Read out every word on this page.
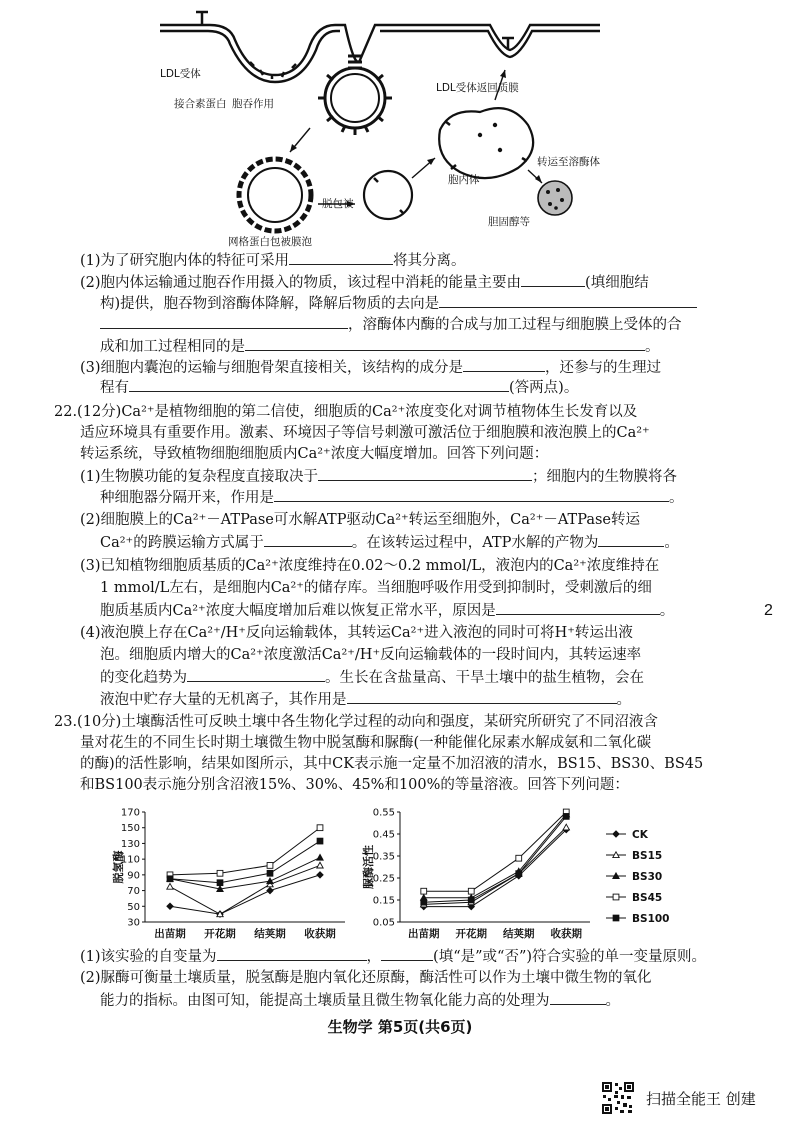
LDL受体
接合素蛋白 胞吞作用
LDL受体返回质膜
胞内体
脱包被
转运至溶酶体
胆固醇等
网格蛋白包被膜泡
(1)为了研究胞内体的特征可采用	将其分离。
(2)胞内体运输通过胞吞作用摄入的物质，该过程中消耗的能量主要由	(填细胞结
构)提供，胞吞物到溶酶体降解，降解后物质的去向是
，溶酶体内酶的合成与加工过程与细胞膜上受体的合
成和加工过程相同的是	。
(3)细胞内囊泡的运输与细胞骨架直接相关，该结构的成分是	，还参与的生理过
程有	(答两点)。
22.(12分)Ca²⁺是植物细胞的第二信使，细胞质的Ca²⁺浓度变化对调节植物体生长发育以及
适应环境具有重要作用。激素、环境因子等信号刺激可激活位于细胞膜和液泡膜上的Ca²⁺
转运系统，导致植物细胞细胞质内Ca²⁺浓度大幅度增加。回答下列问题：
(1)生物膜功能的复杂程度直接取决于	；细胞内的生物膜将各
种细胞器分隔开来，作用是	。
(2)细胞膜上的Ca²⁺－ATPase可水解ATP驱动Ca²⁺转运至细胞外，Ca²⁺－ATPase转运
Ca²⁺的跨膜运输方式属于	。在该转运过程中，ATP水解的产物为	。
(3)已知植物细胞质基质的Ca²⁺浓度维持在0.02～0.2 mmol/L，液泡内的Ca²⁺浓度维持在
1 mmol/L左右，是细胞内Ca²⁺的储存库。当细胞呼吸作用受到抑制时，受刺激后的细
胞质基质内Ca²⁺浓度大幅度增加后难以恢复正常水平，原因是	。
(4)液泡膜上存在Ca²⁺/H⁺反向运输载体，其转运Ca²⁺进入液泡的同时可将H⁺转运出液
泡。细胞质内增大的Ca²⁺浓度激活Ca²⁺/H⁺反向运输载体的一段时间内，其转运速率
的变化趋势为	。生长在含盐量高、干旱土壤中的盐生植物，会在
液泡中贮存大量的无机离子，其作用是	。
2
23.(10分)土壤酶活性可反映土壤中各生物化学过程的动向和强度，某研究所研究了不同沼液含
量对花生的不同生长时期土壤微生物中脱氢酶和脲酶(一种能催化尿素水解成氨和二氧化碳
的酶)的活性影响，结果如图所示，其中CK表示施一定量不加沼液的清水，BS15、BS30、BS45
和BS100表示施分别含沼液15%、30%、45%和100%的等量溶液。回答下列问题：
30
50
70
90
110
130
150
170
出苗期 开花期 结荚期 收获期
脱氢酶
0.05
0.15
0.25
0.35
0.45
0.55
出苗期 开花期 结荚期 收获期
脲酶活性
CK
BS15
BS30
BS45
BS100
(1)该实验的自变量为	，	(填“是”或“否”)符合实验的单一变量原则。
(2)脲酶可衡量土壤质量，脱氢酶是胞内氧化还原酶，酶活性可以作为土壤中微生物的氧化
能力的指标。由图可知，能提高土壤质量且微生物氧化能力高的处理为	。
生物学 第5页(共6页)
扫描全能王 创建
